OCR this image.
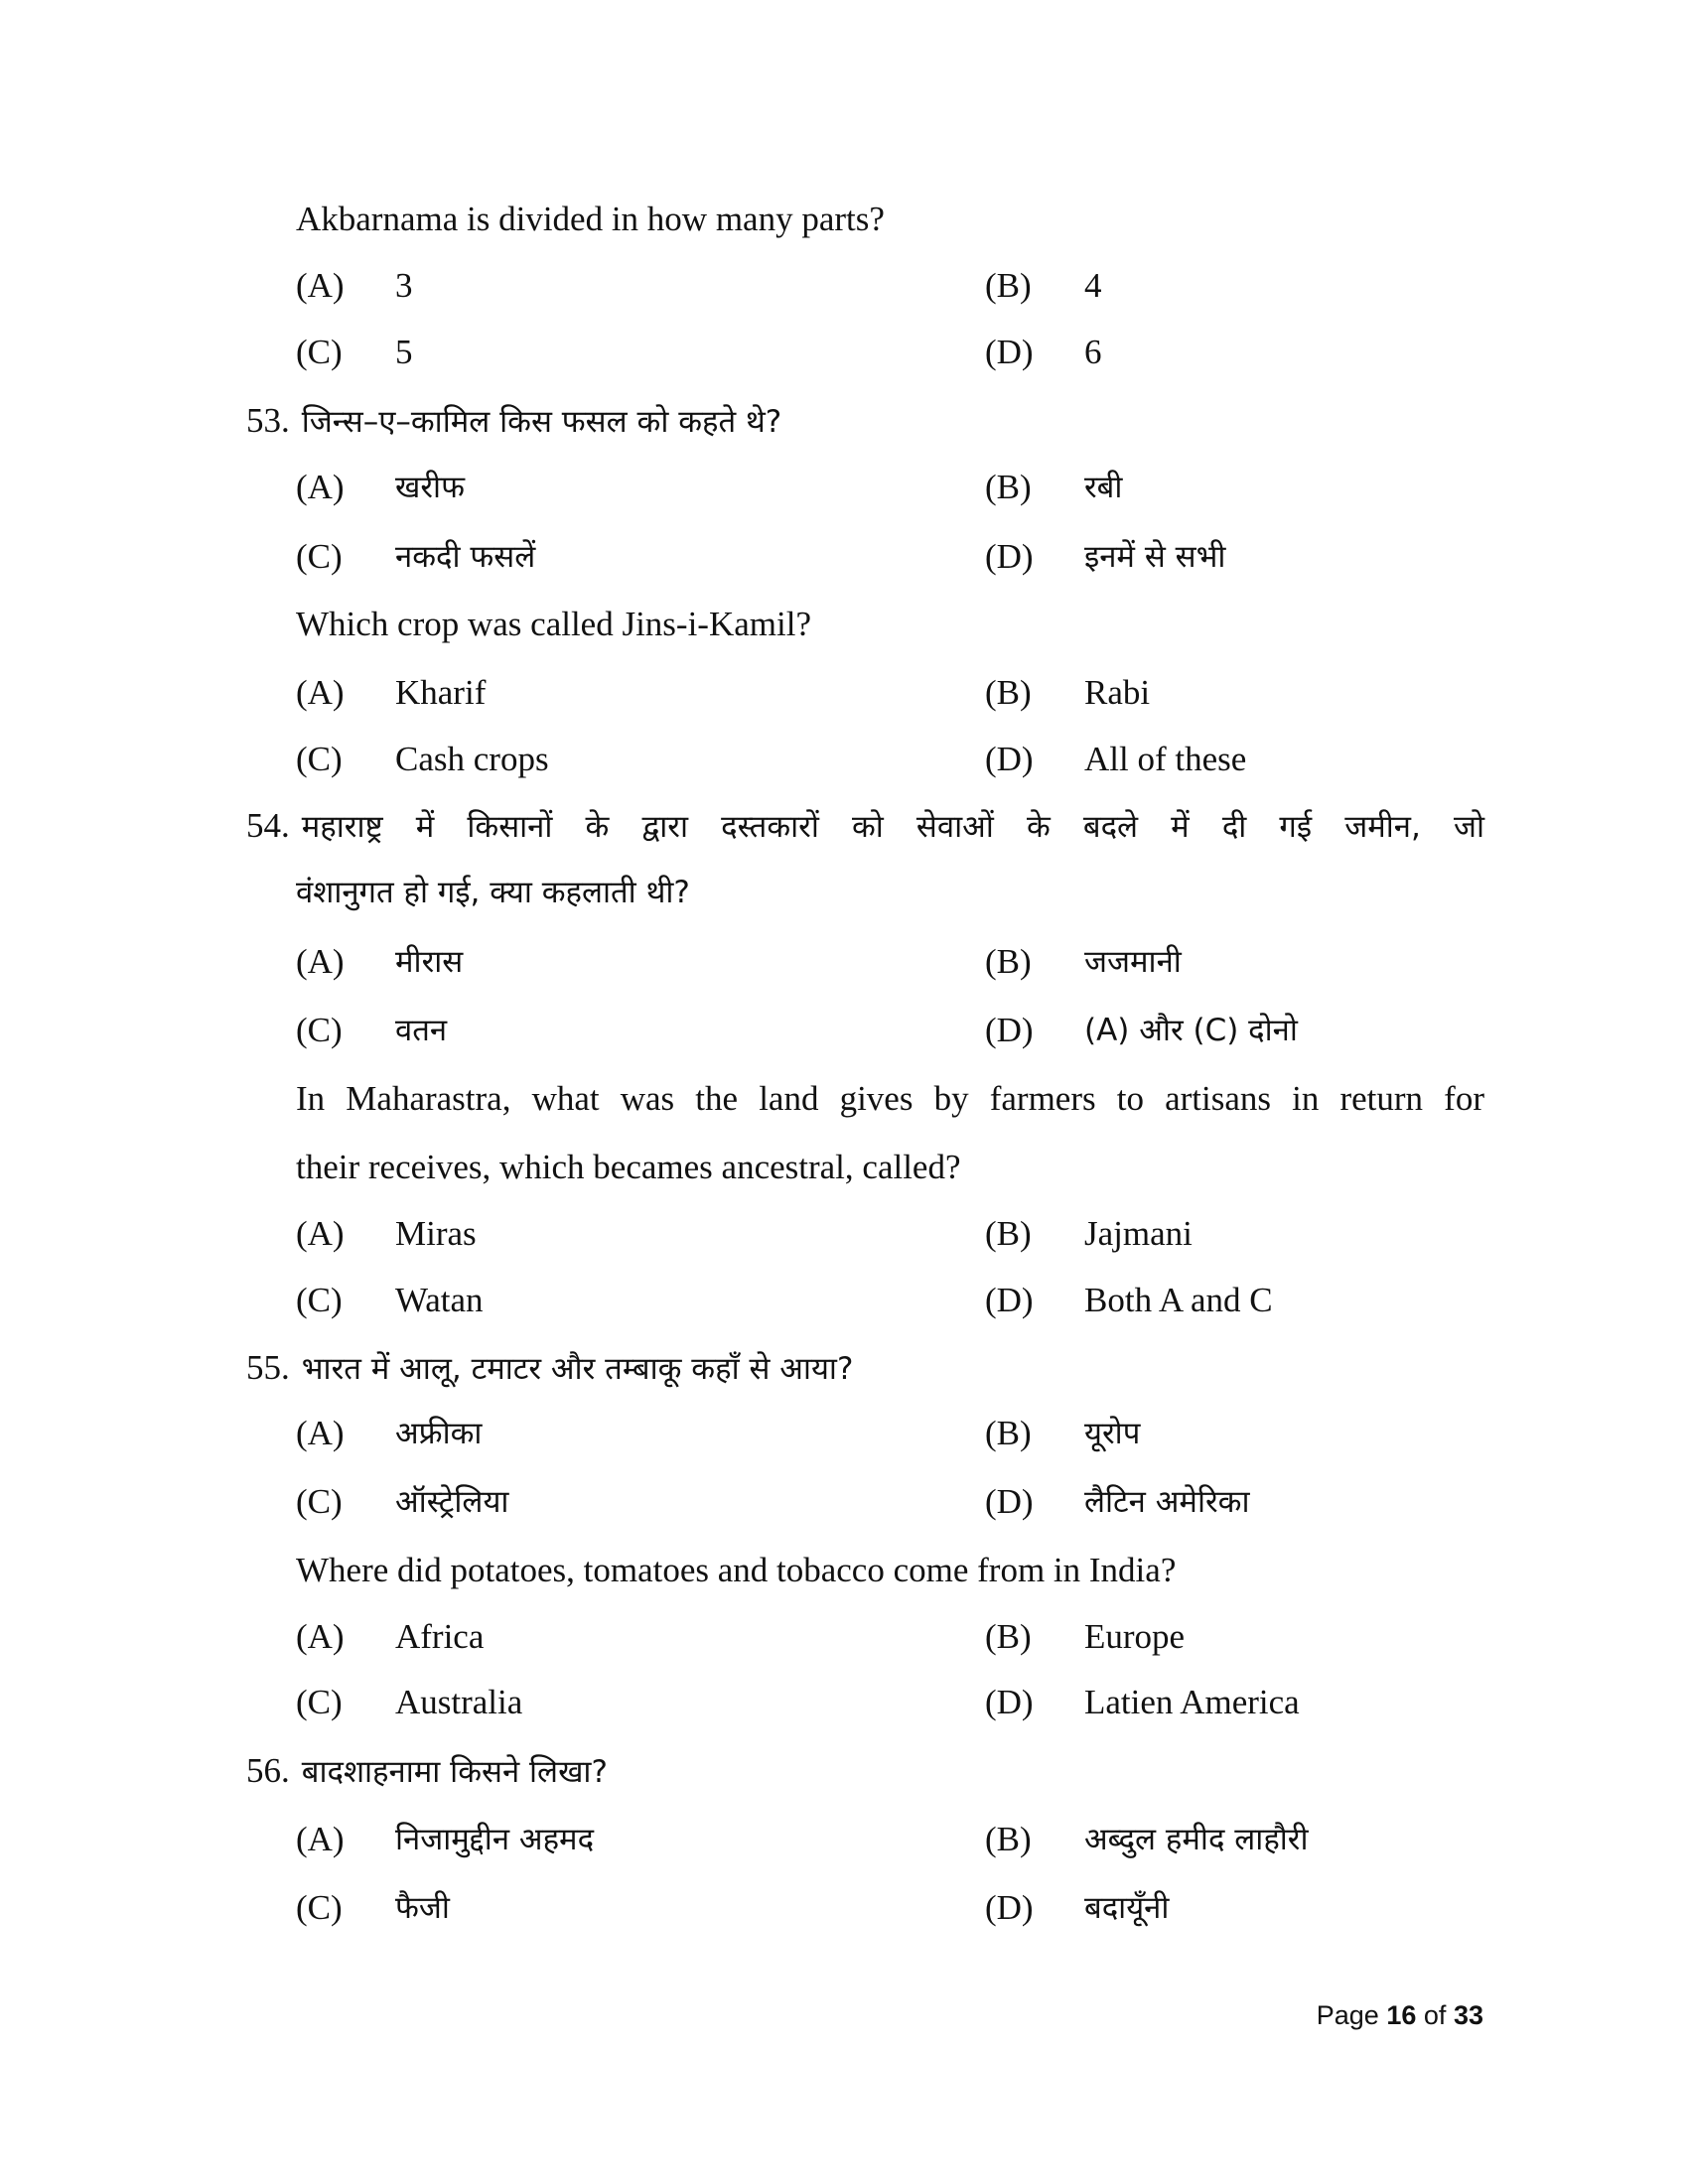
Akbarnama is divided in how many parts?
(A)	3	(B)	4
(C)	5	(D)	6
53. जिन्स–ए–कामिल किस फसल को कहते थे?
(A)	खरीफ	(B)	रबी
(C)	नकदी फसलें	(D)	इनमें से सभी
Which crop was called Jins-i-Kamil?
(A)	Kharif	(B)	Rabi
(C)	Cash crops	(D)	All of these
54. महाराष्ट्र में किसानों के द्वारा दस्तकारों को सेवाओं के बदले में दी गई जमीन, जो
वंशानुगत हो गई, क्या कहलाती थी?
(A)	मीरास	(B)	जजमानी
(C)	वतन	(D)	(A) और (C) दोनो
In Maharastra, what was the land gives by farmers to artisans in return for
their receives, which becames ancestral, called?
(A)	Miras	(B)	Jajmani
(C)	Watan	(D)	Both A and C
55. भारत में आलू, टमाटर और तम्बाकू कहाँ से आया?
(A)	अफ्रीका	(B)	यूरोप
(C)	ऑस्ट्रेलिया	(D)	लैटिन अमेरिका
Where did potatoes, tomatoes and tobacco come from in India?
(A)	Africa	(B)	Europe
(C)	Australia	(D)	Latien America
56. बादशाहनामा किसने लिखा?
(A)	निजामुद्दीन अहमद	(B)	अब्दुल हमीद लाहौरी
(C)	फैजी	(D)	बदायूँनी
Page 16 of 33
